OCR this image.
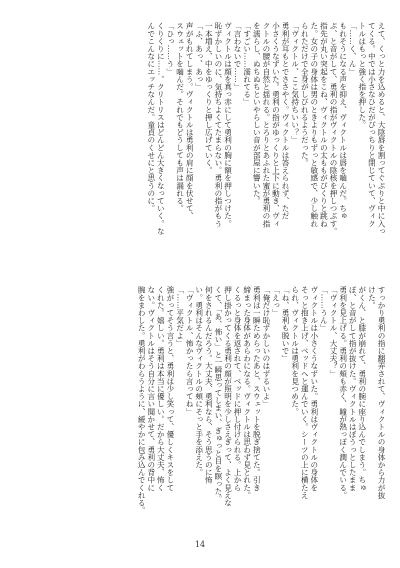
えて、くっと力を込めると、大陰唇を割ってぐぷりと中に入っ

てくる。中では小さなひだがぴっちりと閉じていて、ヴィク

トルはもっと強く指を押した。

「……く、ん」

もれそうになる声を抑え、ヴィクトルは唇を嚙んだ。ちゅ

ぷ、と音がして、勇利の指がヴィクトルの陰核を押しつぶす。

指先が丸い突起をこね、ヴィクトルの太ももがびくりと跳ね

た。女の子の身体は男のときよりもずっと敏感で、少し触れ

られただけで全身がしびれるようだった。

「ヴィクトル、ここ気持ちいい？」

勇利が耳もとでささやく。ヴィクトルは答えられず、ただ

小さくうなずいた。勇利の指がゆっくりと上下に動き、ヴィ

クトルの腰が自然と揺れる。とろりとあふれた蜜が勇利の指

を濡らし、ぬちぬちといやらしい音が部屋に響いた。

「すごい……濡れてる」

「言わないで……」

ヴィクトルは顔を真っ赤にして勇利の胸に額を押しつけた。

恥ずかしいのに、気持ちよくてたまらない。勇利の指がもう

一本増え、中をゆっくりと押し広げていく。

「ふ、あっ、あっ」

声がもれてしまう。ヴィクトルは勇利の肩に顔を伏せて、

スウェットを嚙んだ。それでもどうしても声は漏れる。

「ひっ……う」

くりくりに……。クリトリスはどんどん大きくなっていく。な

んでこんなにエッチなんだ。童貞のくせにと思うのに。

すっかり勇利の指に翻弄されて、ヴィクトルの身体から力が抜

けた。

がくん、と膝が崩れて、勇利の腕に座り込んでしまう。ちゅ

ぽ、と音がして指が抜けた。ヴィクトルはぼうっとしたまま

勇利を見上げる。勇利の頰も赤く、瞳が熱っぽく潤んでいる。

「ヴィクトル、大丈夫？」

「……うん」

ヴィクトルは小さくうなずいた。勇利はヴィクトルの身体を

そっと抱き上げ、ベッドへと運んでいく。シーツの上に横たえ

られ、ヴィクトルは勇利を見つめた。

「ね、勇利も脱いで」

「えっ」

「俺だけ恥ずかしいのはずるいよ」

勇利は一瞬ためらったあと、スウェットを脱ぎ捨てた。引き

締まった身体があらわになる。ヴィクトルは思わず見とれた。

くるっと身体を返されて、ベッドに押し付けられる。上から

押し掛かってくる勇利の顔が照明を少しさえぎって、よく見えな

くて、「あ、怖い」と一瞬思ってしまい、ぎゅっと目を瞑った。

何をされるんだろう。大丈夫、勇利なら、そう思うのに怖

い。勇利はそんなヴィクトルの頰にそっと手を添えた。

「ヴィクトル、怖かったら言ってね」

「……平気だよ」

強がってそう言うと、勇利は少し笑って、優しくキスをして

くれた。嬉しい。勇利は本当に優しい。だから大丈夫、怖く

ない。ヴィクトルはそう自分に言い聞かせて、勇利の背中に

腕をまわした。勇利がわらうように、緩やかに包み込んでくれる。

14
